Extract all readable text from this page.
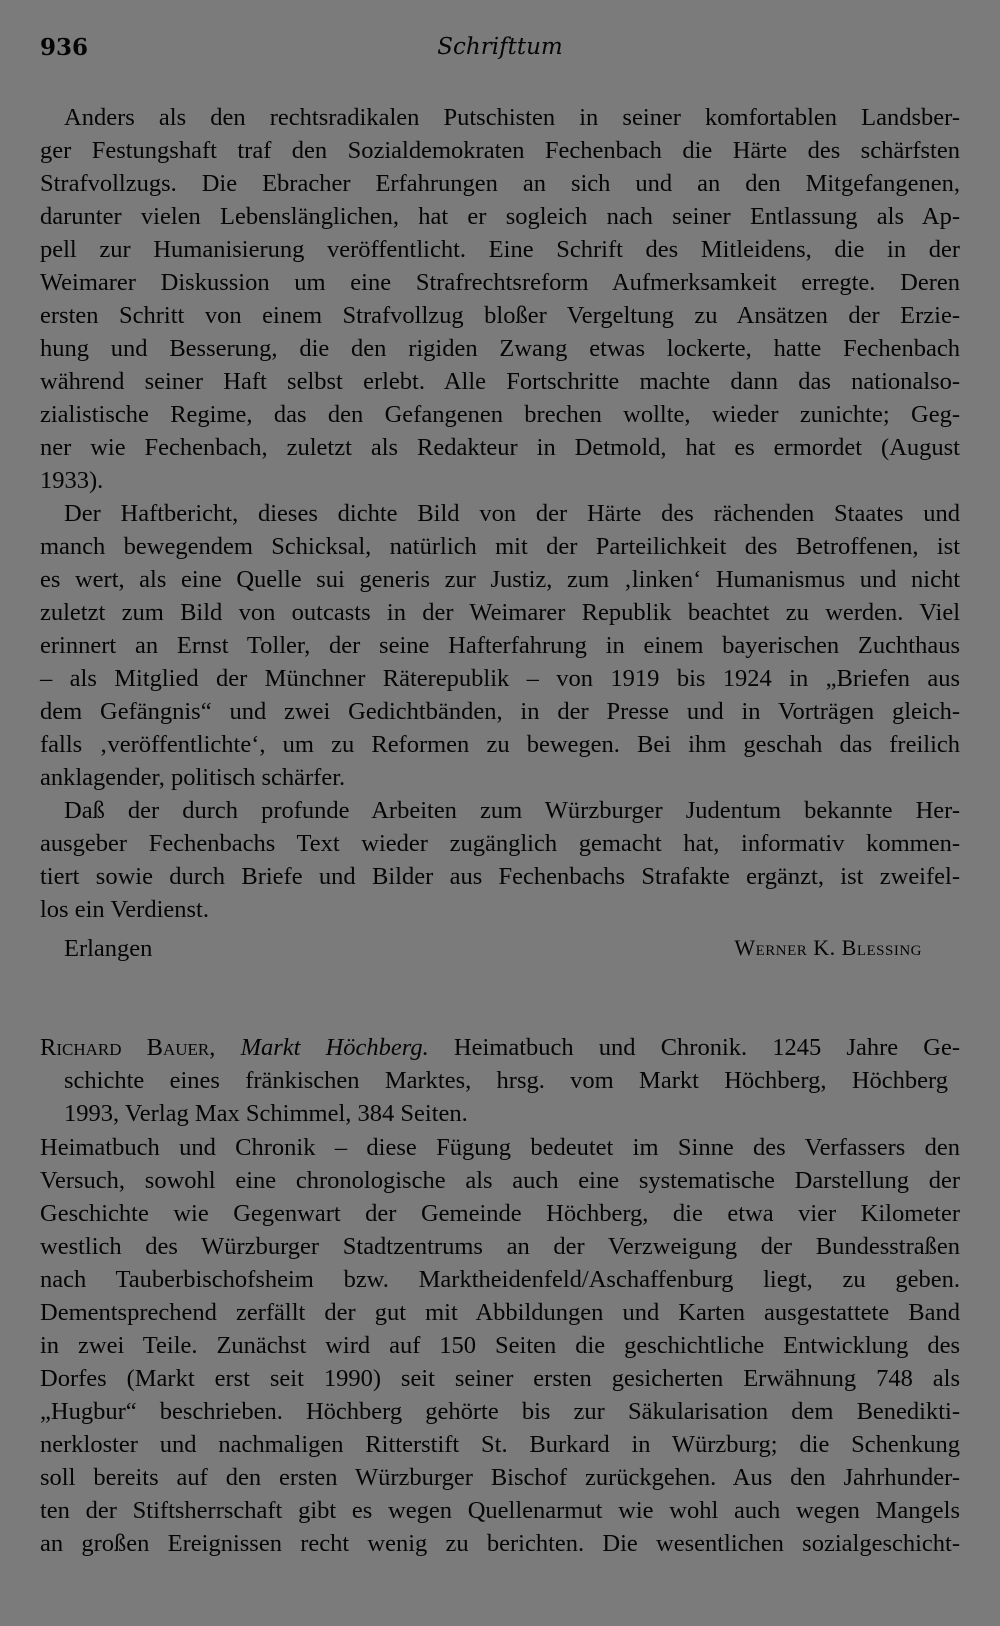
936	Schrifttum
Anders als den rechtsradikalen Putschisten in seiner komfortablen Landsber-
ger Festungshaft traf den Sozialdemokraten Fechenbach die Härte des schärfsten
Strafvollzugs. Die Ebracher Erfahrungen an sich und an den Mitgefangenen,
darunter vielen Lebenslänglichen, hat er sogleich nach seiner Entlassung als Ap-
pell zur Humanisierung veröffentlicht. Eine Schrift des Mitleidens, die in der
Weimarer Diskussion um eine Strafrechtsreform Aufmerksamkeit erregte. Deren
ersten Schritt von einem Strafvollzug bloßer Vergeltung zu Ansätzen der Erzie-
hung und Besserung, die den rigiden Zwang etwas lockerte, hatte Fechenbach
während seiner Haft selbst erlebt. Alle Fortschritte machte dann das nationalso-
zialistische Regime, das den Gefangenen brechen wollte, wieder zunichte; Geg-
ner wie Fechenbach, zuletzt als Redakteur in Detmold, hat es ermordet (August
1933).
Der Haftbericht, dieses dichte Bild von der Härte des rächenden Staates und
manch bewegendem Schicksal, natürlich mit der Parteilichkeit des Betroffenen, ist
es wert, als eine Quelle sui generis zur Justiz, zum ‚linken‘ Humanismus und nicht
zuletzt zum Bild von outcasts in der Weimarer Republik beachtet zu werden. Viel
erinnert an Ernst Toller, der seine Hafterfahrung in einem bayerischen Zuchthaus
– als Mitglied der Münchner Räterepublik – von 1919 bis 1924 in „Briefen aus
dem Gefängnis“ und zwei Gedichtbänden, in der Presse und in Vorträgen gleich-
falls ‚veröffentlichte‘, um zu Reformen zu bewegen. Bei ihm geschah das freilich
anklagender, politisch schärfer.
Daß der durch profunde Arbeiten zum Würzburger Judentum bekannte Her-
ausgeber Fechenbachs Text wieder zugänglich gemacht hat, informativ kommen-
tiert sowie durch Briefe und Bilder aus Fechenbachs Strafakte ergänzt, ist zweifel-
los ein Verdienst.
Erlangen	Werner K. Blessing
Richard Bauer, Markt Höchberg. Heimatbuch und Chronik. 1245 Jahre Ge-
schichte eines fränkischen Marktes, hrsg. vom Markt Höchberg, Höchberg
1993, Verlag Max Schimmel, 384 Seiten.
Heimatbuch und Chronik – diese Fügung bedeutet im Sinne des Verfassers den
Versuch, sowohl eine chronologische als auch eine systematische Darstellung der
Geschichte wie Gegenwart der Gemeinde Höchberg, die etwa vier Kilometer
westlich des Würzburger Stadtzentrums an der Verzweigung der Bundesstraßen
nach Tauberbischofsheim bzw. Marktheidenfeld/Aschaffenburg liegt, zu geben.
Dementsprechend zerfällt der gut mit Abbildungen und Karten ausgestattete Band
in zwei Teile. Zunächst wird auf 150 Seiten die geschichtliche Entwicklung des
Dorfes (Markt erst seit 1990) seit seiner ersten gesicherten Erwähnung 748 als
„Hugbur“ beschrieben. Höchberg gehörte bis zur Säkularisation dem Benedikti-
nerkloster und nachmaligen Ritterstift St. Burkard in Würzburg; die Schenkung
soll bereits auf den ersten Würzburger Bischof zurückgehen. Aus den Jahrhunder-
ten der Stiftsherrschaft gibt es wegen Quellenarmut wie wohl auch wegen Mangels
an großen Ereignissen recht wenig zu berichten. Die wesentlichen sozialgeschicht-
